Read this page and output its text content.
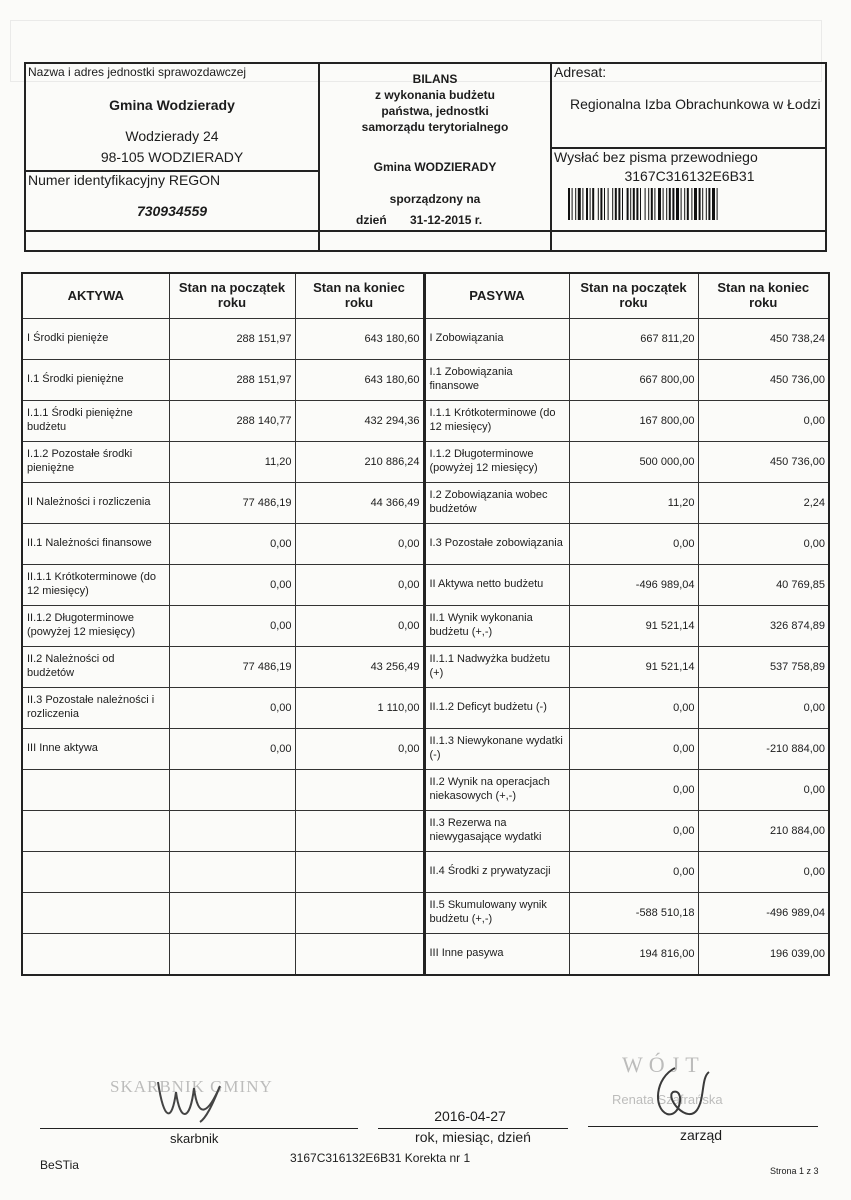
Nazwa i adres jednostki sprawozdawczej
Gmina Wodzierady
Wodzierady 24
98-105 WODZIERADY
Numer identyfikacyjny REGON
730934559
BILANS
z wykonania budżetu
państwa, jednostki
samorządu terytorialnego
Gmina WODZIERADY
sporządzony na
dzień 31-12-2015 r.
Adresat:
Regionalna Izba Obrachunkowa w Łodzi
Wysłać bez pisma przewodniego
3167C316132E6B31
AKTYWA	Stan na początek roku	Stan na koniec roku	PASYWA	Stan na początek roku	Stan na koniec roku
I Środki pienięże	288 151,97	643 180,60	I Zobowiązania	667 811,20	450 738,24
I.1 Środki pieniężne	288 151,97	643 180,60	I.1 Zobowiązania finansowe	667 800,00	450 736,00
I.1.1 Środki pieniężne budżetu	288 140,77	432 294,36	I.1.1 Krótkoterminowe (do 12 miesięcy)	167 800,00	0,00
I.1.2 Pozostałe środki pieniężne	11,20	210 886,24	I.1.2 Długoterminowe (powyżej 12 miesięcy)	500 000,00	450 736,00
II Należności i rozliczenia	77 486,19	44 366,49	I.2 Zobowiązania wobec budżetów	11,20	2,24
II.1 Należności finansowe	0,00	0,00	I.3 Pozostałe zobowiązania	0,00	0,00
II.1.1 Krótkoterminowe (do 12 miesięcy)	0,00	0,00	II Aktywa netto budżetu	-496 989,04	40 769,85
II.1.2 Długoterminowe (powyżej 12 miesięcy)	0,00	0,00	II.1 Wynik wykonania budżetu (+,-)	91 521,14	326 874,89
II.2 Należności od budżetów	77 486,19	43 256,49	II.1.1 Nadwyżka budżetu (+)	91 521,14	537 758,89
II.3 Pozostałe należności i rozliczenia	0,00	1 110,00	II.1.2 Deficyt budżetu (-)	0,00	0,00
III Inne aktywa	0,00	0,00	II.1.3 Niewykonane wydatki (-)	0,00	-210 884,00
			II.2 Wynik na operacjach niekasowych (+,-)	0,00	0,00
			II.3 Rezerwa na niewygasające wydatki	0,00	210 884,00
			II.4 Środki z prywatyzacji	0,00	0,00
			II.5 Skumulowany wynik budżetu (+,-)	-588 510,18	-496 989,04
			III Inne pasywa	194 816,00	196 039,00
SKARBNIK GMINY
WÓJT
Renata Szafrańska
2016-04-27
skarbnik	rok, miesiąc, dzień	zarząd
BeSTia	3167C316132E6B31 Korekta nr 1
Strona 1 z 3
